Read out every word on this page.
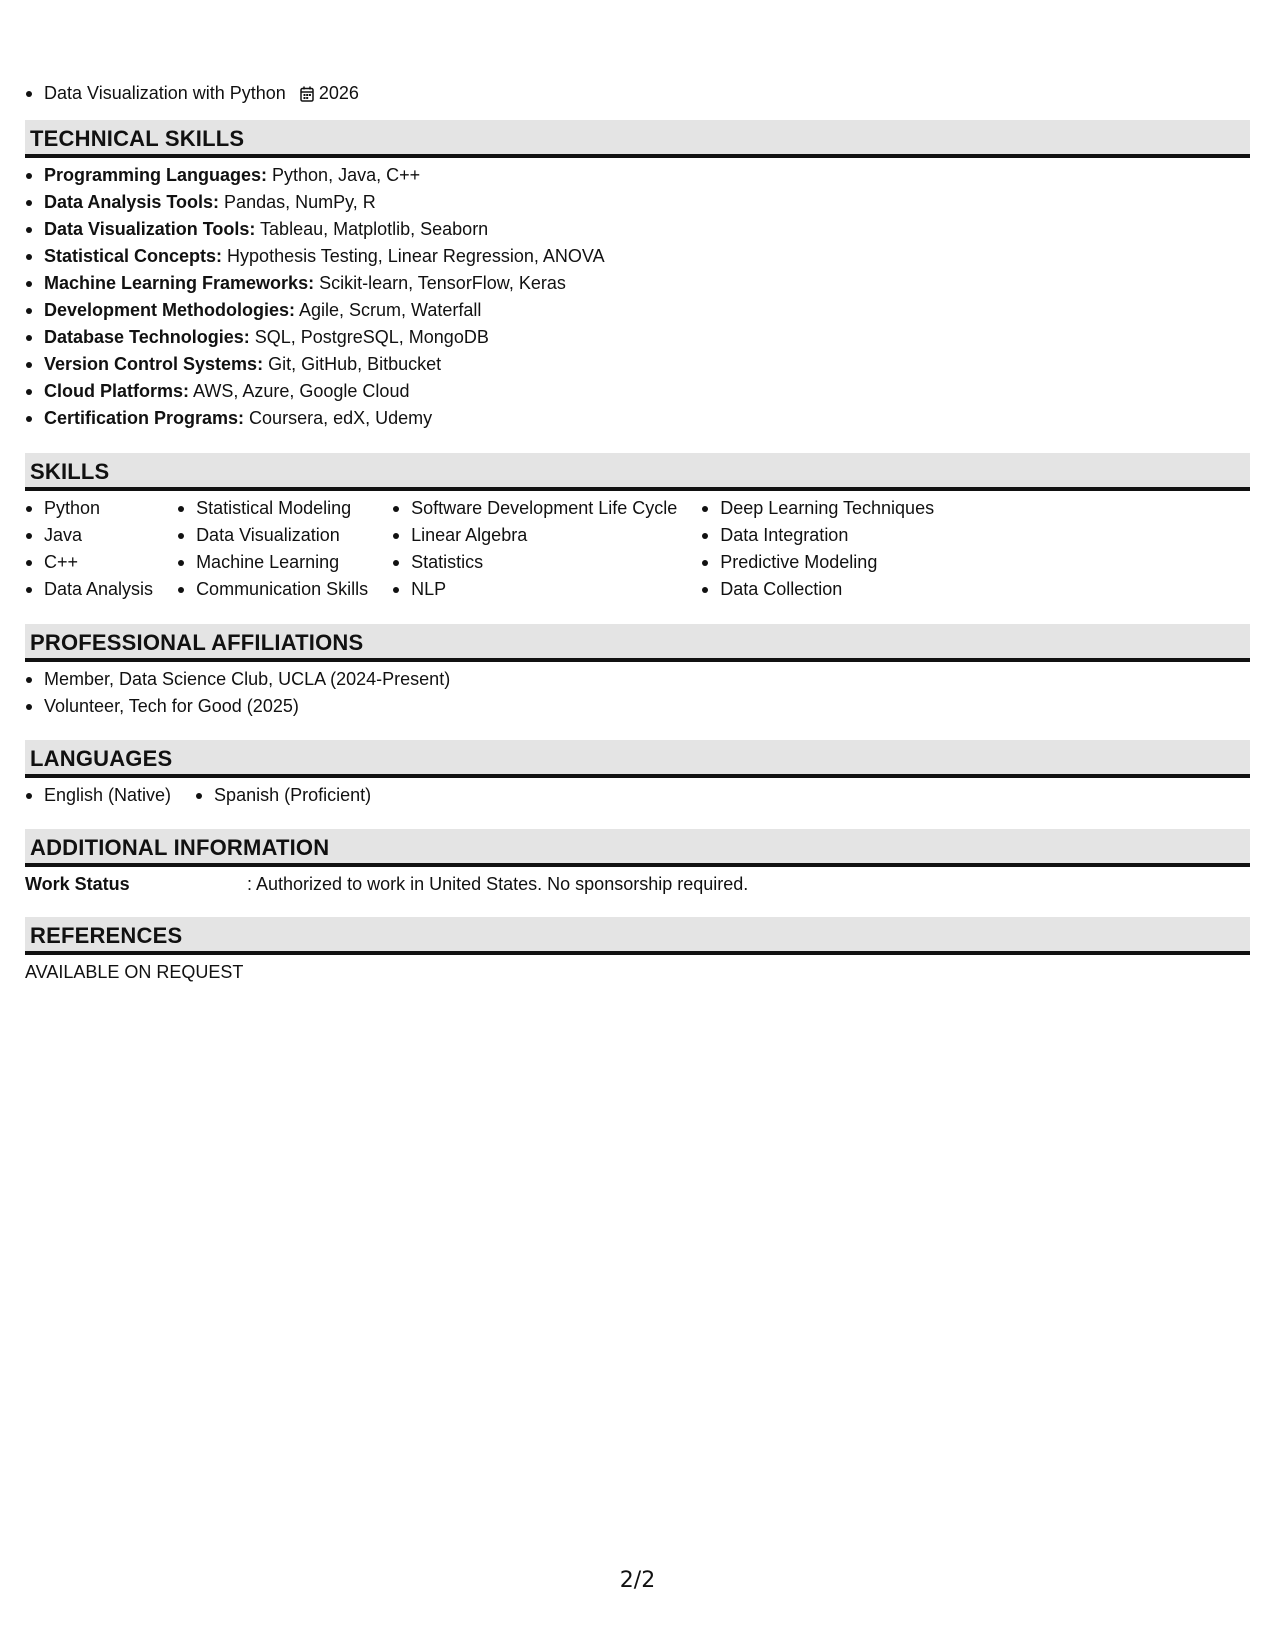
Data Visualization with Python 2026
TECHNICAL SKILLS
Programming Languages: Python, Java, C++
Data Analysis Tools: Pandas, NumPy, R
Data Visualization Tools: Tableau, Matplotlib, Seaborn
Statistical Concepts: Hypothesis Testing, Linear Regression, ANOVA
Machine Learning Frameworks: Scikit-learn, TensorFlow, Keras
Development Methodologies: Agile, Scrum, Waterfall
Database Technologies: SQL, PostgreSQL, MongoDB
Version Control Systems: Git, GitHub, Bitbucket
Cloud Platforms: AWS, Azure, Google Cloud
Certification Programs: Coursera, edX, Udemy
SKILLS
Python
Java
C++
Data Analysis
Statistical Modeling
Data Visualization
Machine Learning
Communication Skills
Software Development Life Cycle
Linear Algebra
Statistics
NLP
Deep Learning Techniques
Data Integration
Predictive Modeling
Data Collection
PROFESSIONAL AFFILIATIONS
Member, Data Science Club, UCLA (2024-Present)
Volunteer, Tech for Good (2025)
LANGUAGES
English (Native)	Spanish (Proficient)
ADDITIONAL INFORMATION
Work Status	: Authorized to work in United States. No sponsorship required.
REFERENCES
AVAILABLE ON REQUEST
2/2
